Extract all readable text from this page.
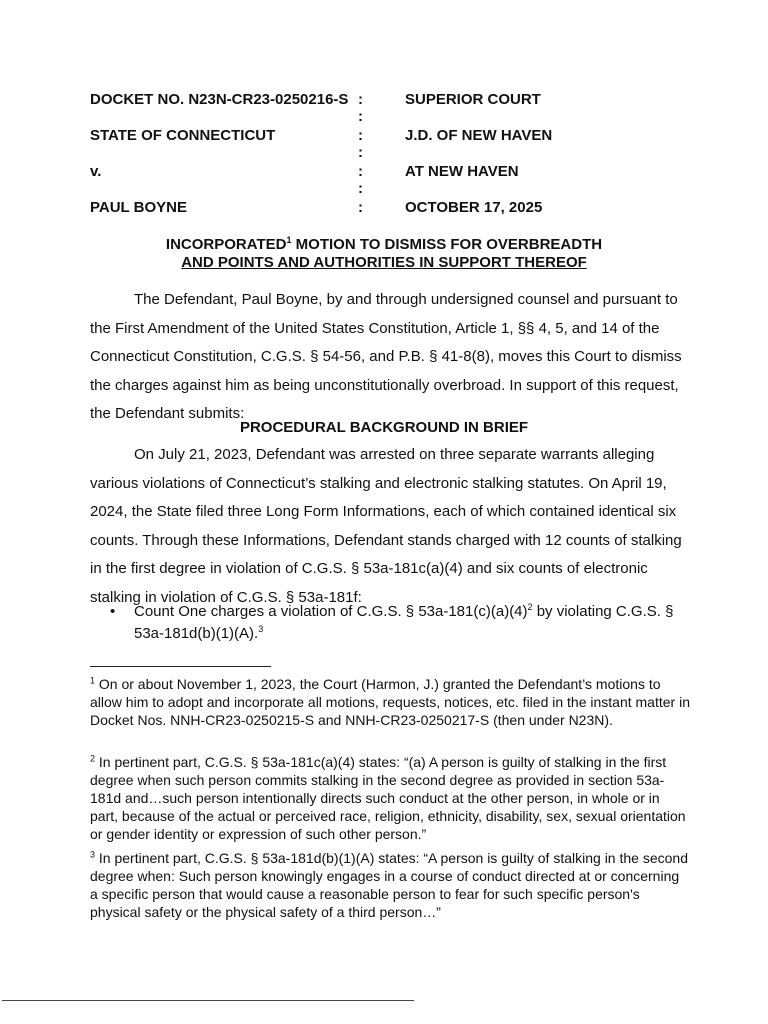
DOCKET NO. N23N-CR23-0250216-S :	SUPERIOR COURT
:
STATE OF CONNECTICUT	:	J.D. OF NEW HAVEN
:
v.	:	AT NEW HAVEN
:
PAUL BOYNE	:	OCTOBER 17, 2025
INCORPORATED$^1$ MOTION TO DISMISS FOR OVERBREADTH
AND POINTS AND AUTHORITIES IN SUPPORT THEREOF
The Defendant, Paul Boyne, by and through undersigned counsel and pursuant to the First Amendment of the United States Constitution, Article 1, §§ 4, 5, and 14 of the Connecticut Constitution, C.G.S. § 54-56, and P.B. § 41-8(8), moves this Court to dismiss the charges against him as being unconstitutionally overbroad. In support of this request, the Defendant submits:
PROCEDURAL BACKGROUND IN BRIEF
On July 21, 2023, Defendant was arrested on three separate warrants alleging various violations of Connecticut’s stalking and electronic stalking statutes. On April 19, 2024, the State filed three Long Form Informations, each of which contained identical six counts. Through these Informations, Defendant stands charged with 12 counts of stalking in the first degree in violation of C.G.S. § 53a-181c(a)(4) and six counts of electronic stalking in violation of C.G.S. § 53a-181f:
• Count One charges a violation of C.G.S. § $53a-181(c)(a)(4)^2$ by violating C.G.S. § 53a-181d(b)(1)(A).$^3$
$^1$ On or about November 1, 2023, the Court (Harmon, J.) granted the Defendant’s motions to allow him to adopt and incorporate all motions, requests, notices, etc. filed in the instant matter in Docket Nos. NNH-CR23-0250215-S and NNH-CR23-0250217-S (then under N23N).
$^2$ In pertinent part, C.G.S. § 53a-181c(a)(4) states: “(a) A person is guilty of stalking in the first degree when such person commits stalking in the second degree as provided in section 53a-181d and…such person intentionally directs such conduct at the other person, in whole or in part, because of the actual or perceived race, religion, ethnicity, disability, sex, sexual orientation or gender identity or expression of such other person.”
$^3$ In pertinent part, C.G.S. § 53a-181d(b)(1)(A) states: “A person is guilty of stalking in the second degree when: Such person knowingly engages in a course of conduct directed at or concerning a specific person that would cause a reasonable person to fear for such specific person's physical safety or the physical safety of a third person…”
